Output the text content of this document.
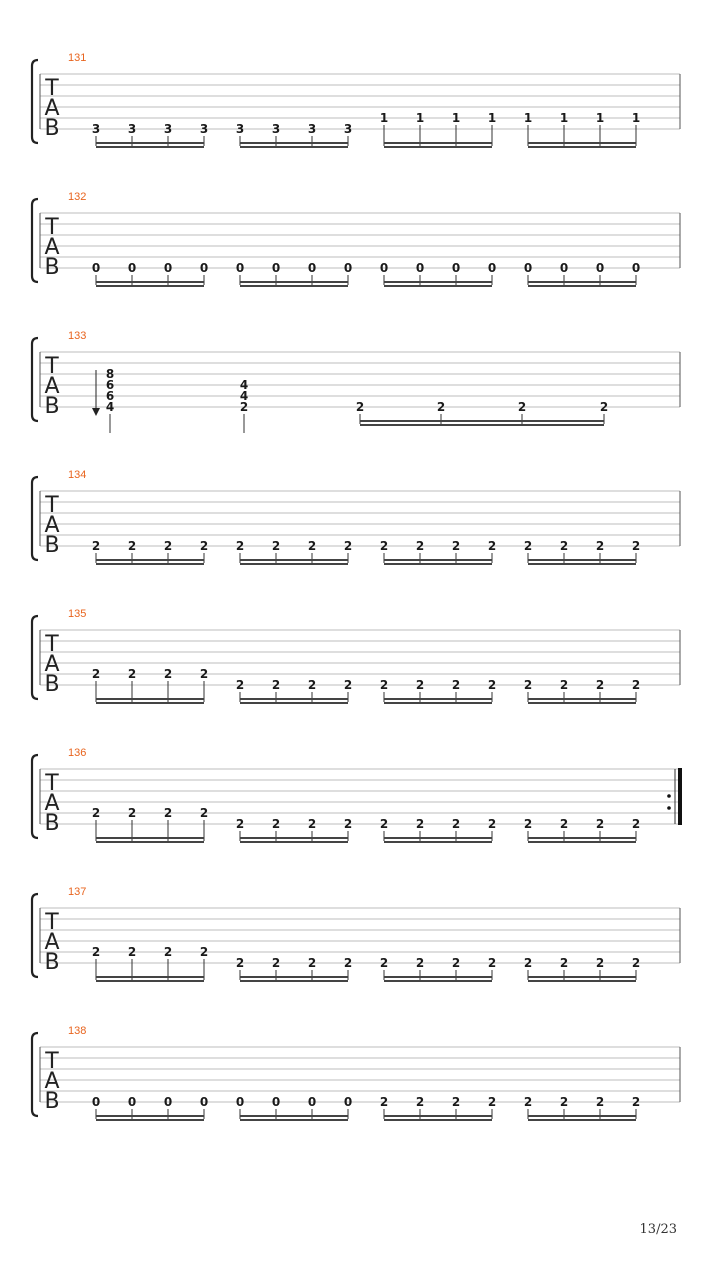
131
T
A
B	3 3 3 3 3 3 3 3
1 1 1 1 1 1 1 1
132
T
A
B	0 0 0 0 0 0 0 0 0 0 0 0 0 0 0 0
133
T
A
B
8
6
6
4
4
4
2	2	2	2	2
134
T
A
B	2 2 2 2 2 2 2 2 2 2 2 2 2 2 2 2
135
T
A
B	2 2 2 2
2 2 2 2 2 2 2 2 2 2 2 2
136
T
A
B	2 2 2 2
2 2 2 2 2 2 2 2 2 2 2 2
137
T
A
B	2 2 2 2
2 2 2 2 2 2 2 2 2 2 2 2
138
T
A
B	0 0 0 0 0 0 0 0 2 2 2 2 2 2 2 2
13/23
